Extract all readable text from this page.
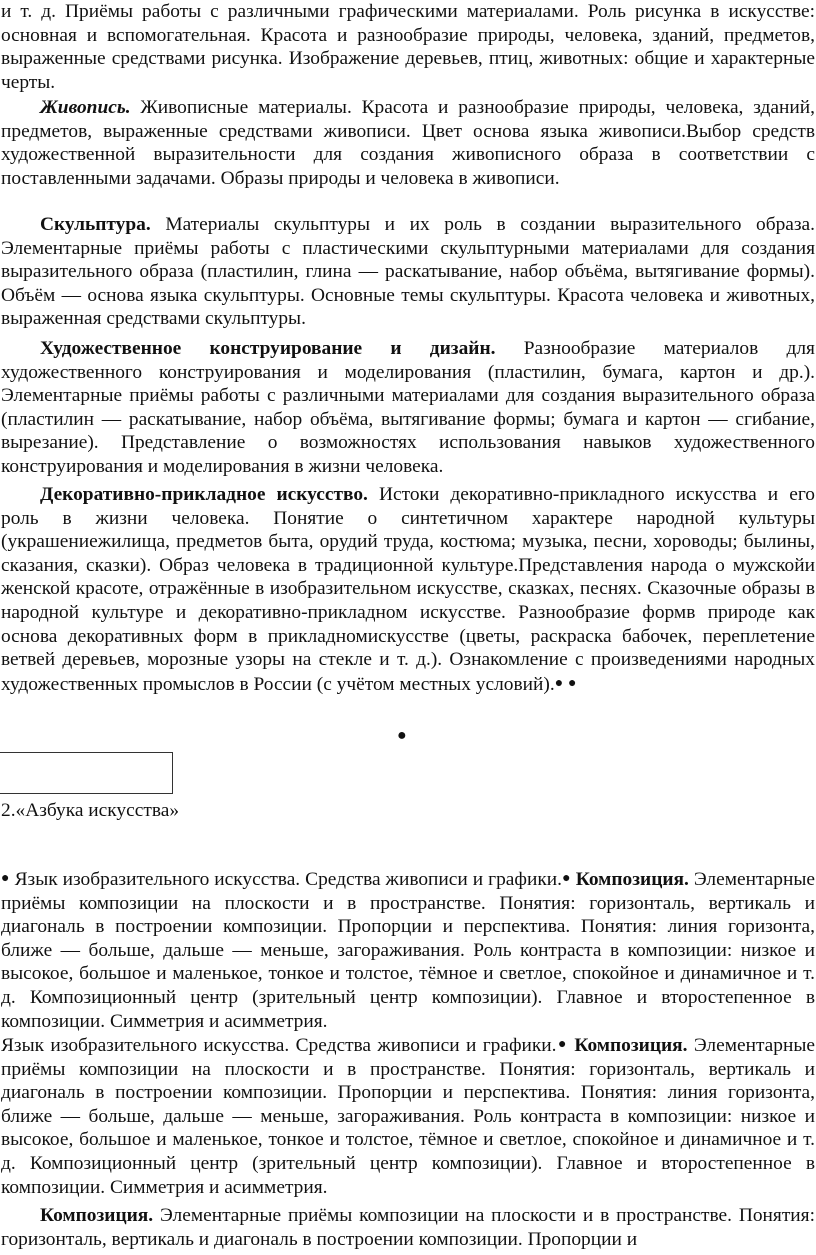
и т. д. Приёмы работы с различными графическими материалами. Роль рисунка в искусстве: основная и вспомогательная. Красота и разнообразие природы, человека, зданий, предметов, выраженные средствами рисунка. Изображение деревьев, птиц, животных: общие и характерные черты.
Живопись. Живописные материалы. Красота и разнообразие природы, человека, зданий, предметов, выраженные средствами живописи. Цвет основа языка живописи.Выбор средств художественной выразительности для создания живописного образа в соответствии с поставленными задачами. Образы природы и человека в живописи.
Скульптура. Материалы скульптуры и их роль в создании выразительного образа. Элементарные приёмы работы с пластическими скульптурными материалами для создания выразительного образа (пластилин, глина — раскатывание, набор объёма, вытягивание формы). Объём — основа языка скульптуры. Основные темы скульптуры. Красота человека и животных, выраженная средствами скульптуры.
Художественное конструирование и дизайн. Разнообразие материалов для художественного конструирования и моделирования (пластилин, бумага, картон и др.). Элементарные приёмы работы с различными материалами для создания выразительного образа (пластилин — раскатывание, набор объёма, вытягивание формы; бумага и картон — сгибание, вырезание). Представление о возможностях использования навыков художественного конструирования и моделирования в жизни человека.
Декоративно-прикладное искусство. Истоки декоративно-прикладного искусства и его роль в жизни человека. Понятие о синтетичном характере народной культуры (украшениежилища, предметов быта, орудий труда, костюма; музыка, песни, хороводы; былины, сказания, сказки). Образ человека в традиционной культуре.Представления народа о мужскойи женской красоте, отражённые в изобразительном искусстве, сказках, песнях. Сказочные образы в народной культуре и декоративно-прикладном искусстве. Разнообразие формв природе как основа декоративных форм в прикладномискусстве (цветы, раскраска бабочек, переплетение ветвей деревьев, морозные узоры на стекле и т. д.). Ознакомление с произведениями народных художественных промыслов в России (с учётом местных условий).● ●
●
2.«Азбука искусства»
● Язык изобразительного искусства. Средства живописи и графики.● Композиция. Элементарные приёмы композиции на плоскости и в пространстве. Понятия: горизонталь, вертикаль и диагональ в построении композиции. Пропорции и перспектива. Понятия: линия горизонта, ближе — больше, дальше — меньше, загораживания. Роль контраста в композиции: низкое и высокое, большое и маленькое, тонкое и толстое, тёмное и светлое, спокойное и динамичное и т. д. Композиционный центр (зрительный центр композиции). Главное и второстепенное в композиции. Симметрия и асимметрия.
Язык изобразительного искусства. Средства живописи и графики.● Композиция. Элементарные приёмы композиции на плоскости и в пространстве. Понятия: горизонталь, вертикаль и диагональ в построении композиции. Пропорции и перспектива. Понятия: линия горизонта, ближе — больше, дальше — меньше, загораживания. Роль контраста в композиции: низкое и высокое, большое и маленькое, тонкое и толстое, тёмное и светлое, спокойное и динамичное и т. д. Композиционный центр (зрительный центр композиции). Главное и второстепенное в композиции. Симметрия и асимметрия.
Композиция. Элементарные приёмы композиции на плоскости и в пространстве. Понятия: горизонталь, вертикаль и диагональ в построении композиции. Пропорции и
